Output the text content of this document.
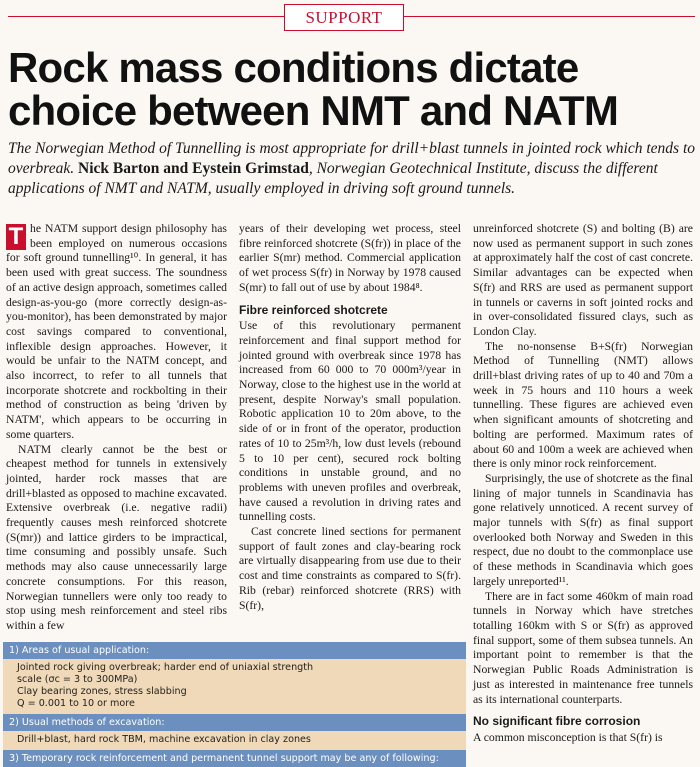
SUPPORT
Rock mass conditions dictate choice between NMT and NATM

The Norwegian Method of Tunnelling is most appropriate for drill+blast tunnels in jointed rock which tends to overbreak. Nick Barton and Eystein Grimstad, Norwegian Geotechnical Institute, discuss the different applications of NMT and NATM, usually employed in driving soft ground tunnels.

T he NATM support design philosophy has been employed on numerous occasions for soft ground tunnelling¹⁰. In general, it has been used with great success. The soundness of an active design approach, sometimes called design-as-you-go (more correctly design-as-you-monitor), has been demonstrated by major cost savings compared to conventional, inflexible design approaches. However, it would be unfair to the NATM concept, and also incorrect, to refer to all tunnels that incorporate shotcrete and rockbolting in their method of construction as being 'driven by NATM', which appears to be occurring in some quarters.

NATM clearly cannot be the best or cheapest method for tunnels in extensively jointed, harder rock masses that are drill+blasted as opposed to machine excavated. Extensive overbreak (i.e. negative radii) frequently causes mesh reinforced shotcrete (S(mr)) and lattice girders to be impractical, time consuming and possibly unsafe. Such methods may also cause unnecessarily large concrete consumptions. For this reason, Norwegian tunnellers were only too ready to stop using mesh reinforcement and steel ribs within a few

years of their developing wet process, steel fibre reinforced shotcrete (S(fr)) in place of the earlier S(mr) method. Commercial application of wet process S(fr) in Norway by 1978 caused S(mr) to fall out of use by about 1984⁸.

Fibre reinforced shotcrete

Use of this revolutionary permanent reinforcement and final support method for jointed ground with overbreak since 1978 has increased from 60 000 to 70 000m³/year in Norway, close to the highest use in the world at present, despite Norway's small population. Robotic application 10 to 20m above, to the side of or in front of the operator, production rates of 10 to 25m³/h, low dust levels (rebound 5 to 10 per cent), secured rock bolting conditions in unstable ground, and no problems with uneven profiles and overbreak, have caused a revolution in driving rates and tunnelling costs.

Cast concrete lined sections for permanent support of fault zones and clay-bearing rock are virtually disappearing from use due to their cost and time constraints as compared to S(fr). Rib (rebar) reinforced shotcrete (RRS) with S(fr),

unreinforced shotcrete (S) and bolting (B) are now used as permanent support in such zones at approximately half the cost of cast concrete. Similar advantages can be expected when S(fr) and RRS are used as permanent support in tunnels or caverns in soft jointed rocks and in over-consolidated fissured clays, such as London Clay.

The no-nonsense B+S(fr) Norwegian Method of Tunnelling (NMT) allows drill+blast driving rates of up to 40 and 70m a week in 75 hours and 110 hours a week tunnelling. These figures are achieved even when significant amounts of shotcreting and bolting are performed. Maximum rates of about 60 and 100m a week are achieved when there is only minor rock reinforcement.

Surprisingly, the use of shotcrete as the final lining of major tunnels in Scandinavia has gone relatively unnoticed. A recent survey of major tunnels with S(fr) as final support overlooked both Norway and Sweden in this respect, due no doubt to the commonplace use of these methods in Scandinavia which goes largely unreported¹¹.

There are in fact some 460km of main road tunnels in Norway which have stretches totalling 160km with S or S(fr) as approved final support, some of them subsea tunnels. An important point to remember is that the Norwegian Public Roads Administration is just as interested in maintenance free tunnels as its international counterparts.

No significant fibre corrosion

A common misconception is that S(fr) is

1) Areas of usual application:
Jointed rock giving overbreak; harder end of uniaxial strength
scale (σc = 3 to 300MPa)
Clay bearing zones, stress slabbing
Q = 0.001 to 10 or more
2) Usual methods of excavation:
Drill+blast, hard rock TBM, machine excavation in clay zones
3) Temporary rock reinforcement and permanent tunnel support may be any of following:
